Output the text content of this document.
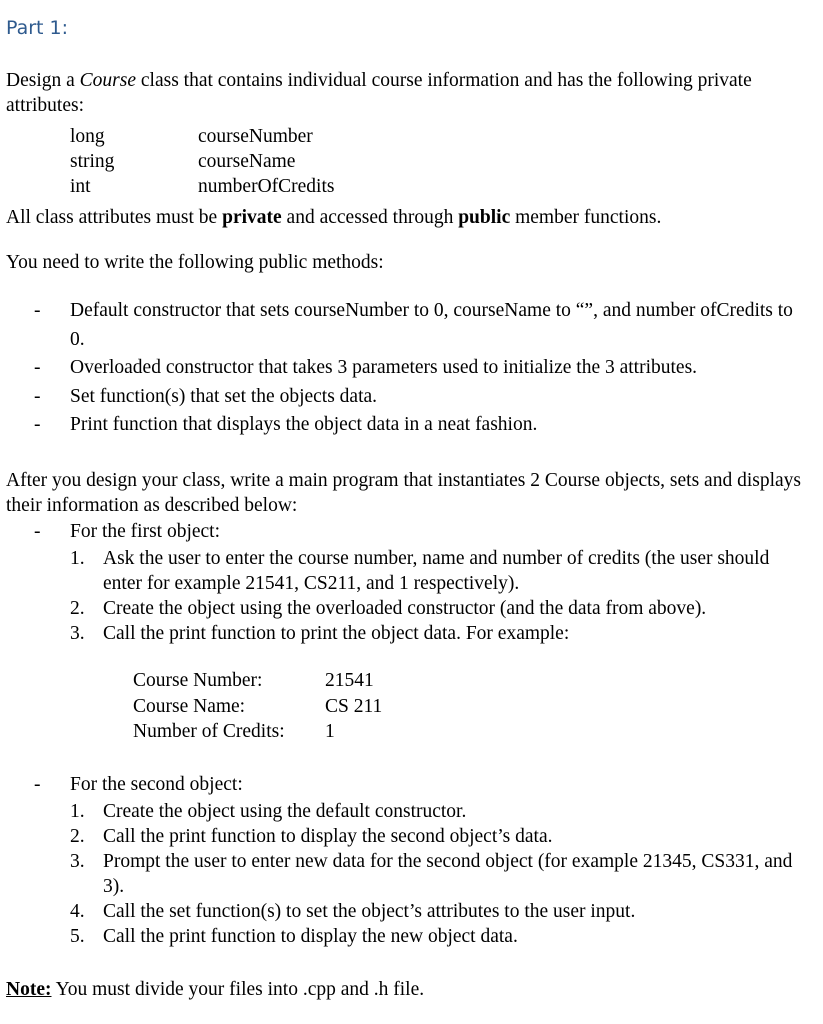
Part 1:

Design a Course class that contains individual course information and has the following private attributes:

long	courseNumber
string	courseName
int	numberOfCredits

All class attributes must be private and accessed through public member functions.

You need to write the following public methods:

-	Default constructor that sets courseNumber to 0, courseName to “”, and number ofCredits to 0.
-	Overloaded constructor that takes 3 parameters used to initialize the 3 attributes.
-	Set function(s) that set the objects data.
-	Print function that displays the object data in a neat fashion.

After you design your class, write a main program that instantiates 2 Course objects, sets and displays their information as described below:

-	For the first object:
1. Ask the user to enter the course number, name and number of credits (the user should enter for example 21541, CS211, and 1 respectively).
2. Create the object using the overloaded constructor (and the data from above).
3. Call the print function to print the object data. For example:
Course Number:	21541
Course Name:	CS 211
Number of Credits:	1
-	For the second object:
1. Create the object using the default constructor.
2. Call the print function to display the second object’s data.
3. Prompt the user to enter new data for the second object (for example 21345, CS331, and 3).
4. Call the set function(s) to set the object’s attributes to the user input.
5. Call the print function to display the new object data.

Note: You must divide your files into .cpp and .h file.
